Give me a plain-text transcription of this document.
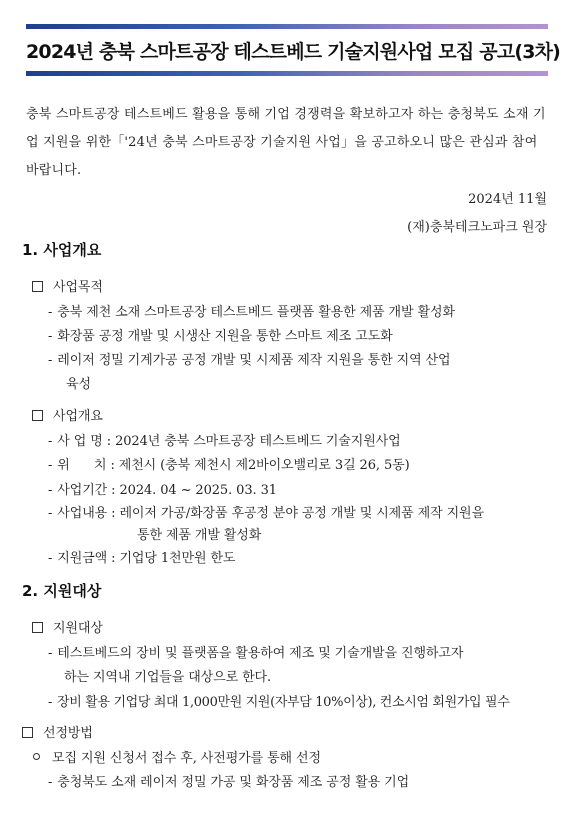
2024년 충북 스마트공장 테스트베드 기술지원사업 모집 공고(3차)

충북 스마트공장 테스트베드 활용을 통해 기업 경쟁력을 확보하고자 하는 충청북도 소재 기업 지원을 위한「'24년 충북 스마트공장 기술지원 사업」을 공고하오니 많은 관심과 참여 바랍니다.

2024년 11월
(재)충북테크노파크 원장
1. 사업개요
사업목적
- 충북 제천 소재 스마트공장 테스트베드 플랫폼 활용한 제품 개발 활성화
- 화장품 공정 개발 및 시생산 지원을 통한 스마트 제조 고도화
- 레이저 정밀 기계가공 공정 개발 및 시제품 제작 지원을 통한 지역 산업
육성
사업개요
- 사 업 명 : 2024년 충북 스마트공장 테스트베드 기술지원사업
- 위      치 : 제천시 (충북 제천시 제2바이오밸리로 3길 26, 5동)
- 사업기간 : 2024. 04 ~ 2025. 03. 31
- 사업내용 : 레이저 가공/화장품 후공정 분야 공정 개발 및 시제품 제작 지원을
통한 제품 개발 활성화
- 지원금액 : 기업당 1천만원 한도
2. 지원대상
지원대상
- 테스트베드의 장비 및 플랫폼을 활용하여 제조 및 기술개발을 진행하고자
하는 지역내 기업들을 대상으로 한다.
- 장비 활용 기업당 최대 1,000만원 지원(자부담 10%이상), 컨소시엄 회원가입 필수
선정방법
모집 지원 신청서 접수 후, 사전평가를 통해 선정
- 충청북도 소재 레이저 정밀 가공 및 화장품 제조 공정 활용 기업
